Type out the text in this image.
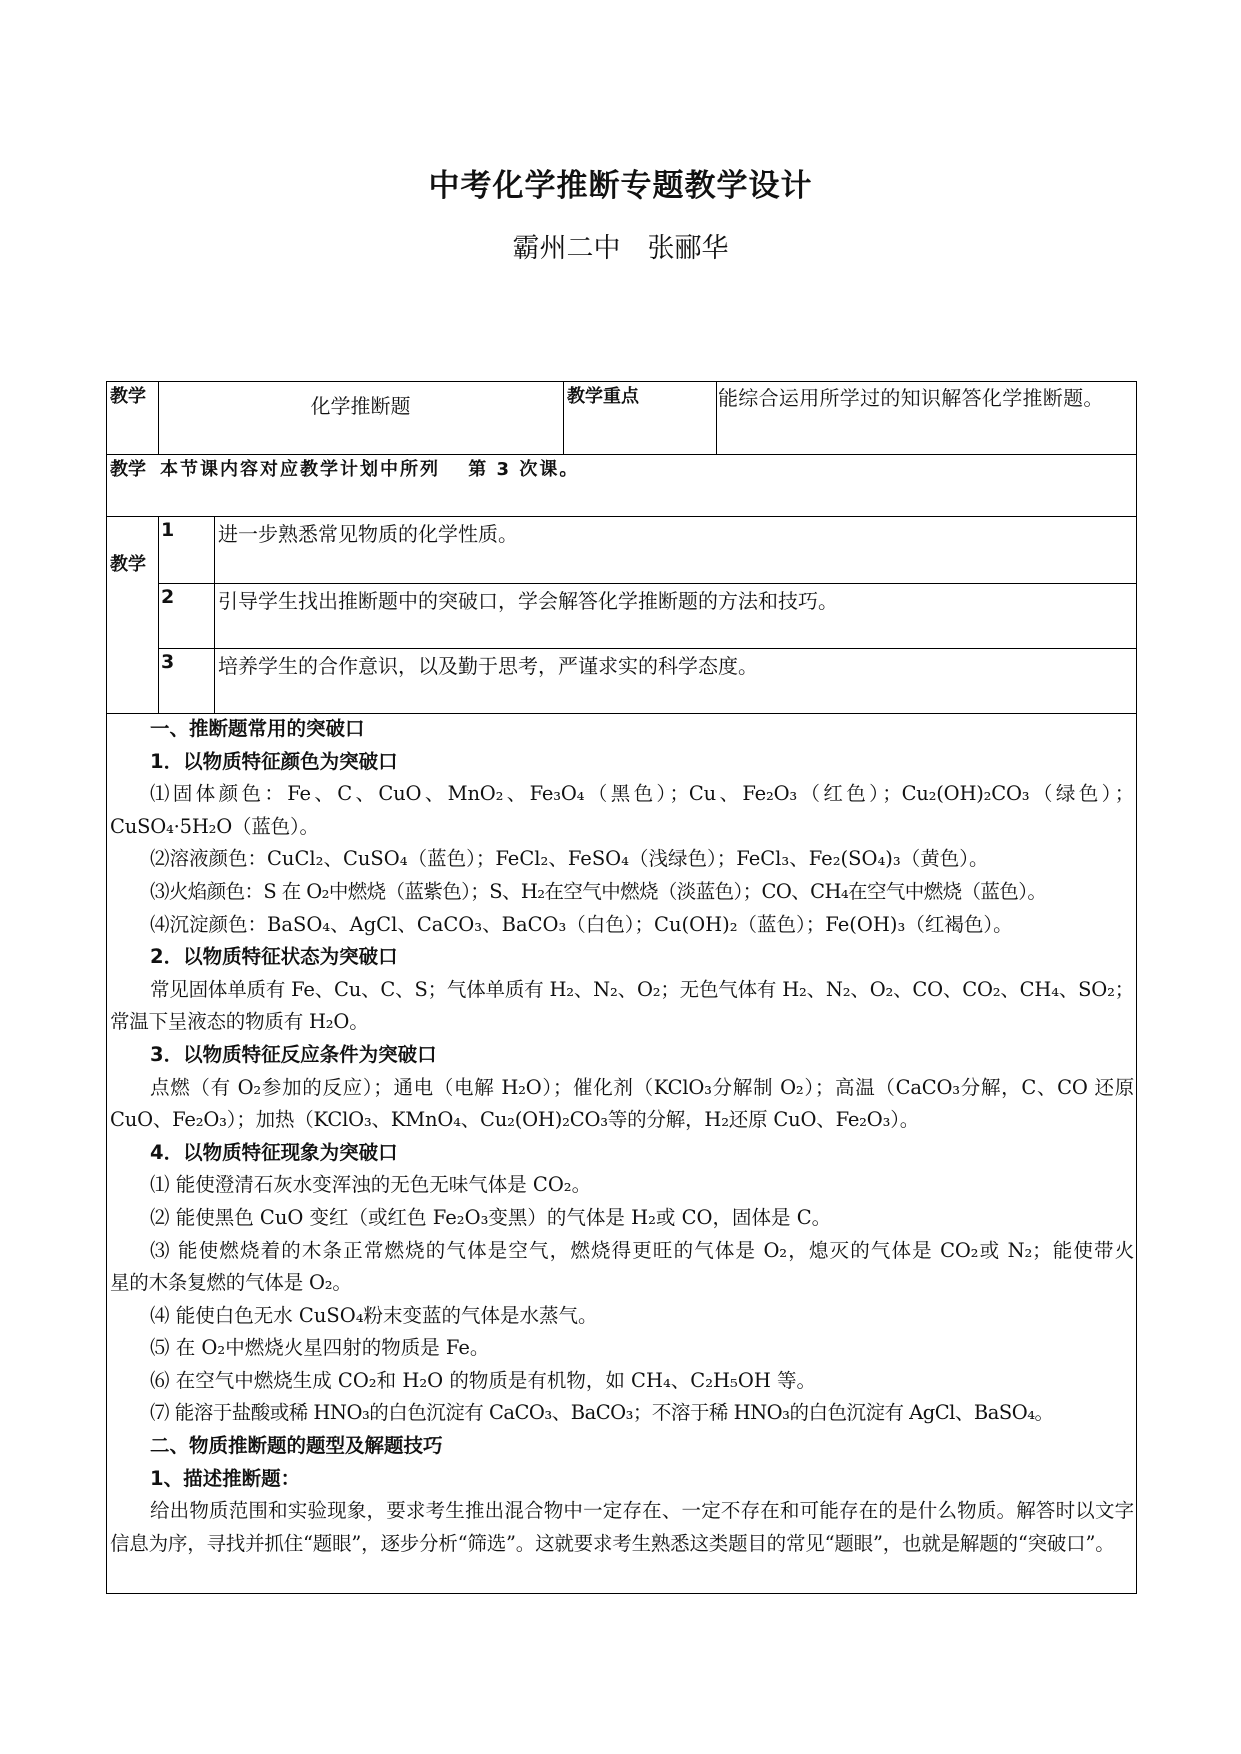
中考化学推断专题教学设计
霸州二中　张郦华
教学	化学推断题	教学重点	能综合运用所学过的知识解答化学推断题。
教学 本节课内容对应教学计划中所列　 第 3 次课。
教学
1	进一步熟悉常见物质的化学性质。
2	引导学生找出推断题中的突破口，学会解答化学推断题的方法和技巧。
3	培养学生的合作意识，以及勤于思考，严谨求实的科学态度。
一、推断题常用的突破口
1．以物质特征颜色为突破口
⑴固体颜色：Fe、C、CuO、MnO₂、Fe₃O₄（黑色）；Cu、Fe₂O₃（红色）；Cu₂(OH)₂CO₃（绿色）；CuSO₄·5H₂O（蓝色）。
⑵溶液颜色：CuCl₂、CuSO₄（蓝色）；FeCl₂、FeSO₄（浅绿色）；FeCl₃、Fe₂(SO₄)₃（黄色）。
⑶火焰颜色：S 在 O₂中燃烧（蓝紫色）；S、H₂在空气中燃烧（淡蓝色）；CO、CH₄在空气中燃烧（蓝色）。
⑷沉淀颜色：BaSO₄、AgCl、CaCO₃、BaCO₃（白色）；Cu(OH)₂（蓝色）；Fe(OH)₃（红褐色）。
2．以物质特征状态为突破口
常见固体单质有 Fe、Cu、C、S；气体单质有 H₂、N₂、O₂；无色气体有 H₂、N₂、O₂、CO、CO₂、CH₄、SO₂；常温下呈液态的物质有 H₂O。
3．以物质特征反应条件为突破口
点燃（有 O₂参加的反应）；通电（电解 H₂O）；催化剂（KClO₃分解制 O₂）；高温（CaCO₃分解，C、CO 还原 CuO、Fe₂O₃）；加热（KClO₃、KMnO₄、Cu₂(OH)₂CO₃等的分解，H₂还原 CuO、Fe₂O₃）。
4．以物质特征现象为突破口
⑴ 能使澄清石灰水变浑浊的无色无味气体是 CO₂。
⑵ 能使黑色 CuO 变红（或红色 Fe₂O₃变黑）的气体是 H₂或 CO，固体是 C。
⑶ 能使燃烧着的木条正常燃烧的气体是空气，燃烧得更旺的气体是 O₂，熄灭的气体是 CO₂或 N₂；能使带火　　　　　星的木条复燃的气体是 O₂。
⑷ 能使白色无水 CuSO₄粉末变蓝的气体是水蒸气。
⑸ 在 O₂中燃烧火星四射的物质是 Fe。
⑹ 在空气中燃烧生成 CO₂和 H₂O 的物质是有机物，如 CH₄、C₂H₅OH 等。
⑺ 能溶于盐酸或稀 HNO₃的白色沉淀有 CaCO₃、BaCO₃；不溶于稀 HNO₃的白色沉淀有 AgCl、BaSO₄。
二、物质推断题的题型及解题技巧
1、描述推断题：
给出物质范围和实验现象，要求考生推出混合物中一定存在、一定不存在和可能存在的是什么物质。解答时以文字信息为序，寻找并抓住“题眼”，逐步分析“筛选”。这就要求考生熟悉这类题目的常见“题眼”，也就是解题的“突破口”。
